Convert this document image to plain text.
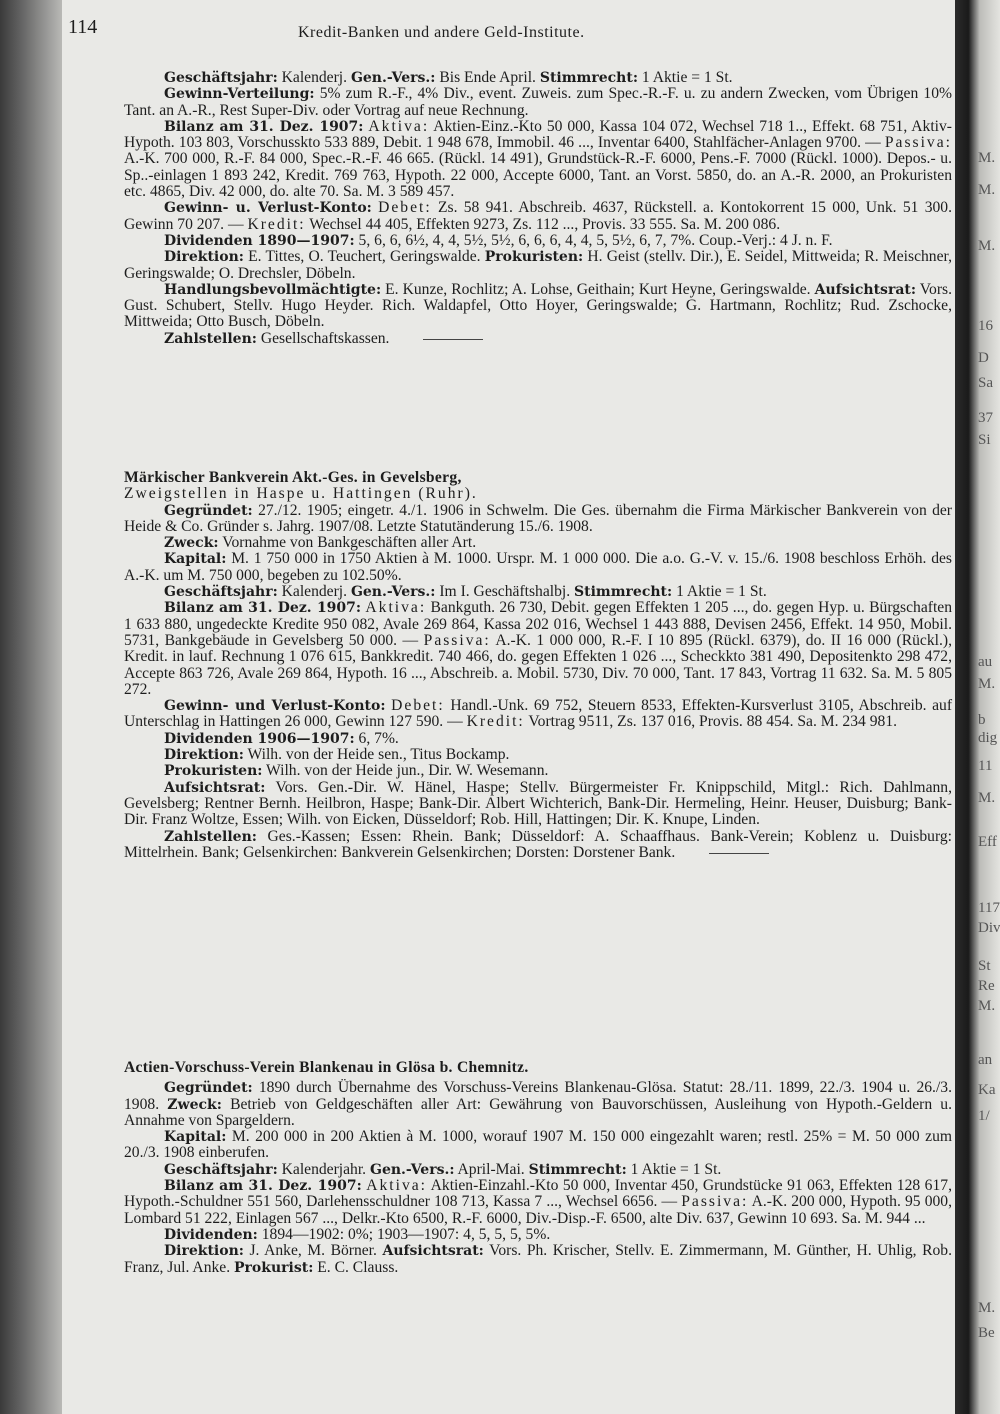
114	Kredit-Banken und andere Geld-Institute.

Geschäftsjahr: Kalenderj. Gen.-Vers.: Bis Ende April. Stimmrecht: 1 Aktie = 1 St.

Gewinn-Verteilung: 5% zum R.-F., 4% Div., event. Zuweis. zum Spec.-R.-F. u. zu andern Zwecken, vom Übrigen 10% Tant. an A.-R., Rest Super-Div. oder Vortrag auf neue Rechnung.

Bilanz am 31. Dez. 1907: Aktiva: Aktien-Einz.-Kto 50 000, Kassa 104 072, Wechsel 718 1.., Effekt. 68 751, Aktiv-Hypoth. 103 803, Vorschusskto 533 889, Debit. 1 948 678, Immobil. 46 ..., Inventar 6400, Stahlfächer-Anlagen 9700. — Passiva: A.-K. 700 000, R.-F. 84 000, Spec.-R.-F. 46 665. (Rückl. 14 491), Grundstück-R.-F. 6000, Pens.-F. 7000 (Rückl. 1000). Depos.- u. Sp..-einlagen 1 893 242, Kredit. 769 763, Hypoth. 22 000, Accepte 6000, Tant. an Vorst. 5850, do. an A.-R. 2000, an Prokuristen etc. 4865, Div. 42 000, do. alte 70. Sa. M. 3 589 457.

Gewinn- u. Verlust-Konto: Debet: Zs. 58 941. Abschreib. 4637, Rückstell. a. Kontokorrent 15 000, Unk. 51 300. Gewinn 70 207. — Kredit: Wechsel 44 405, Effekten 9273, Zs. 112 ..., Provis. 33 555. Sa. M. 200 086.

Dividenden 1890—1907: 5, 6, 6, 6½, 4, 4, 5½, 5½, 6, 6, 6, 4, 4, 5, 5½, 6, 7, 7%. Coup.-Verj.: 4 J. n. F.

Direktion: E. Tittes, O. Teuchert, Geringswalde. Prokuristen: H. Geist (stellv. Dir.), E. Seidel, Mittweida; R. Meischner, Geringswalde; O. Drechsler, Döbeln.

Handlungsbevollmächtigte: E. Kunze, Rochlitz; A. Lohse, Geithain; Kurt Heyne, Geringswalde. Aufsichtsrat: Vors. Gust. Schubert, Stellv. Hugo Heyder. Rich. Waldapfel, Otto Hoyer, Geringswalde; G. Hartmann, Rochlitz; Rud. Zschocke, Mittweida; Otto Busch, Döbeln.

Zahlstellen: Gesellschaftskassen.

Märkischer Bankverein Akt.-Ges. in Gevelsberg,

Zweigstellen in Haspe u. Hattingen (Ruhr).

Gegründet: 27./12. 1905; eingetr. 4./1. 1906 in Schwelm. Die Ges. übernahm die Firma Märkischer Bankverein von der Heide & Co. Gründer s. Jahrg. 1907/08. Letzte Statutänderung 15./6. 1908.

Zweck: Vornahme von Bankgeschäften aller Art.

Kapital: M. 1 750 000 in 1750 Aktien à M. 1000. Urspr. M. 1 000 000. Die a.o. G.-V. v. 15./6. 1908 beschloss Erhöh. des A.-K. um M. 750 000, begeben zu 102.50%.

Geschäftsjahr: Kalenderj. Gen.-Vers.: Im I. Geschäftshalbj. Stimmrecht: 1 Aktie = 1 St.

Bilanz am 31. Dez. 1907: Aktiva: Bankguth. 26 730, Debit. gegen Effekten 1 205 ..., do. gegen Hyp. u. Bürgschaften 1 633 880, ungedeckte Kredite 950 082, Avale 269 864, Kassa 202 016, Wechsel 1 443 888, Devisen 2456, Effekt. 14 950, Mobil. 5731, Bankgebäude in Gevelsberg 50 000. — Passiva: A.-K. 1 000 000, R.-F. I 10 895 (Rückl. 6379), do. II 16 000 (Rückl.), Kredit. in lauf. Rechnung 1 076 615, Bankkredit. 740 466, do. gegen Effekten 1 026 ..., Scheckkto 381 490, Depositenkto 298 472, Accepte 863 726, Avale 269 864, Hypoth. 16 ..., Abschreib. a. Mobil. 5730, Div. 70 000, Tant. 17 843, Vortrag 11 632. Sa. M. 5 805 272.

Gewinn- und Verlust-Konto: Debet: Handl.-Unk. 69 752, Steuern 8533, Effekten-Kursverlust 3105, Abschreib. auf Unterschlag in Hattingen 26 000, Gewinn 127 590. — Kredit: Vortrag 9511, Zs. 137 016, Provis. 88 454. Sa. M. 234 981.

Dividenden 1906—1907: 6, 7%.

Direktion: Wilh. von der Heide sen., Titus Bockamp.

Prokuristen: Wilh. von der Heide jun., Dir. W. Wesemann.

Aufsichtsrat: Vors. Gen.-Dir. W. Hänel, Haspe; Stellv. Bürgermeister Fr. Knippschild, Mitgl.: Rich. Dahlmann, Gevelsberg; Rentner Bernh. Heilbron, Haspe; Bank-Dir. Albert Wichterich, Bank-Dir. Hermeling, Heinr. Heuser, Duisburg; Bank-Dir. Franz Woltze, Essen; Wilh. von Eicken, Düsseldorf; Rob. Hill, Hattingen; Dir. K. Knupe, Linden.

Zahlstellen: Ges.-Kassen; Essen: Rhein. Bank; Düsseldorf: A. Schaaffhaus. Bank-Verein; Koblenz u. Duisburg: Mittelrhein. Bank; Gelsenkirchen: Bankverein Gelsenkirchen; Dorsten: Dorstener Bank.

Actien-Vorschuss-Verein Blankenau in Glösa b. Chemnitz.

Gegründet: 1890 durch Übernahme des Vorschuss-Vereins Blankenau-Glösa. Statut: 28./11. 1899, 22./3. 1904 u. 26./3. 1908. Zweck: Betrieb von Geldgeschäften aller Art: Gewährung von Bauvorschüssen, Ausleihung von Hypoth.-Geldern u. Annahme von Spargeldern.

Kapital: M. 200 000 in 200 Aktien à M. 1000, worauf 1907 M. 150 000 eingezahlt waren; restl. 25% = M. 50 000 zum 20./3. 1908 einberufen.

Geschäftsjahr: Kalenderjahr. Gen.-Vers.: April-Mai. Stimmrecht: 1 Aktie = 1 St.

Bilanz am 31. Dez. 1907: Aktiva: Aktien-Einzahl.-Kto 50 000, Inventar 450, Grundstücke 91 063, Effekten 128 617, Hypoth.-Schuldner 551 560, Darlehensschuldner 108 713, Kassa 7 ..., Wechsel 6656. — Passiva: A.-K. 200 000, Hypoth. 95 000, Lombard 51 222, Einlagen 567 ..., Delkr.-Kto 6500, R.-F. 6000, Div.-Disp.-F. 6500, alte Div. 637, Gewinn 10 693. Sa. M. 944 ...

Dividenden: 1894—1902: 0%; 1903—1907: 4, 5, 5, 5, 5%.

Direktion: J. Anke, M. Börner. Aufsichtsrat: Vors. Ph. Krischer, Stellv. E. Zimmermann, M. Günther, H. Uhlig, Rob. Franz, Jul. Anke. Prokurist: E. C. Clauss.

M.
M.
M.
16
D
Sa
37
Si
au
M.
b
dig
11
M.
Eff
117
Div
St
Re
M.
an
Ka
1/
M.
Be
